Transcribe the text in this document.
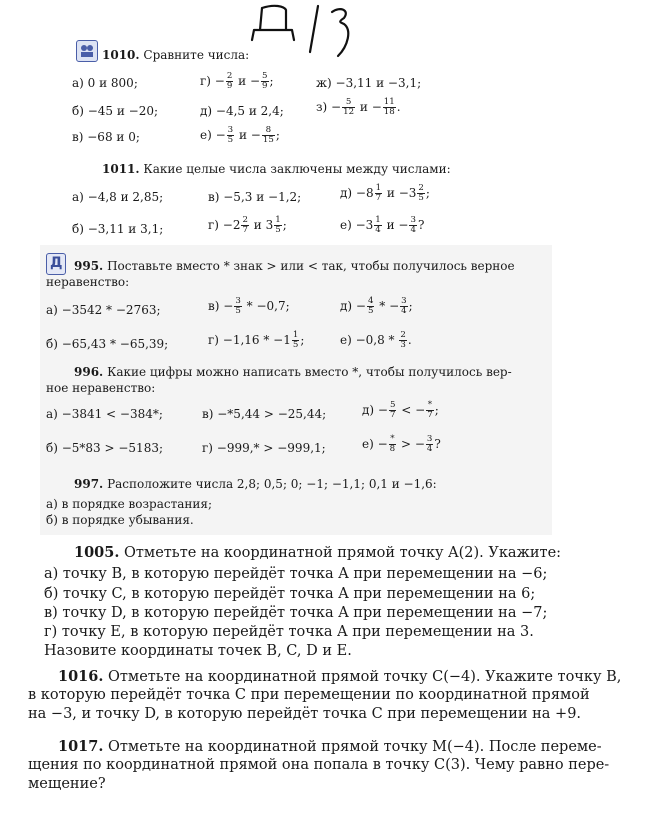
1010. Сравните числа:
а) 0 и 800;
б) −45 и −20;
в) −68 и 0;
$г) - \frac{2}{9}$ $и - \frac{5}{9}$ ;
д) −4,5 и 2,4;
$е) - \frac{3}{5}$ $и - \frac{8}{15}$ ;
ж) −3,11 и −3,1;
$з) - \frac{5}{12}$ $и - \frac{11}{18}$ .
1011. Какие целые числа заключены между числами:
а) −4,8 и 2,85;
б) −3,11 и 3,1;
в) −5,3 и −1,2;
$г) -2 \frac{2}{7}$ и $3 \frac{1}{5}$ ;
$д) -8 \frac{1}{7}$ $и -3 \frac{2}{5}$ ;
$е) -3 \frac{1}{4}$ $и - \frac{3}{4}$ ?
Д 995. Поставьте вместо * знак > или < так, чтобы получилось верное
неравенство:
а) −3542 * −2763;
б) −65,43 * −65,39;
$в) - \frac{3}{5} * -0,7$;
$г) -1,16 * -1 \frac{1}{5}$ ;
$д) - \frac{4}{5}$ * − $\frac{3}{4}$ ;
$е) -0,8 * \frac{2}{3}$ .
996. Какие цифры можно написать вместо *, чтобы получилось вер-
ное неравенство:
а) −3841 < −384*;
б) −5*83 > −5183;
в) −*5,44 > −25,44;
г) −999,* > −999,1;
$д) - \frac{5}{7}$ < − *
7 ;
е) − *
8 > − $\frac{3}{4}$ ?
997. Расположите числа 2,8; 0,5; 0; −1; −1,1; 0,1 и −1,6:
а) в порядке возрастания;
б) в порядке убывания.
1005. Отметьте на координатной прямой точку A(2). Укажите:
а) точку B, в которую перейдёт точка A при перемещении на −6;
б) точку C, в которую перейдёт точка A при перемещении на 6;
в) точку D, в которую перейдёт точка A при перемещении на −7;
г) точку E, в которую перейдёт точка A при перемещении на 3.
Назовите координаты точек B, C, D и E.
1016. Отметьте на координатной прямой точку C(−4). Укажите точку B,
в которую перейдёт точка C при перемещении по координатной прямой
на −3, и точку D, в которую перейдёт точка C при перемещении на +9.
1017. Отметьте на координатной прямой точку M(−4). После переме-
щения по координатной прямой она попала в точку C(3). Чему равно пере-
мещение?
